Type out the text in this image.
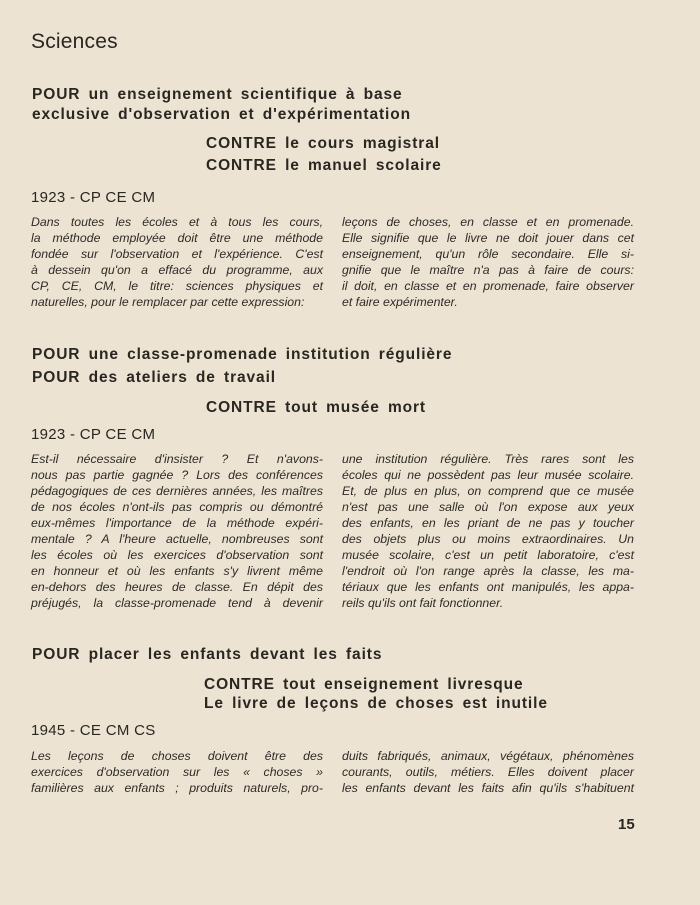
Sciences
POUR un enseignement scientifique à base
exclusive d'observation et d'expérimentation
CONTRE le cours magistral
CONTRE le manuel scolaire
1923 - CP CE CM
Dans toutes les écoles et à tous les cours,
la méthode employée doit être une méthode
fondée sur l'observation et l'expérience. C'est
à dessein qu'on a effacé du programme, aux
CP, CE, CM, le titre: sciences physiques et
naturelles, pour le remplacer par cette expression:
leçons de choses, en classe et en promenade.
Elle signifie que le livre ne doit jouer dans cet
enseignement, qu'un rôle secondaire. Elle si-
gnifie que le maître n'a pas à faire de cours:
il doit, en classe et en promenade, faire observer
et faire expérimenter.
POUR une classe-promenade institution régulière
POUR des ateliers de travail
CONTRE tout musée mort
1923 - CP CE CM
Est-il nécessaire d'insister ? Et n'avons-
nous pas partie gagnée ? Lors des conférences
pédagogiques de ces dernières années, les maîtres
de nos écoles n'ont-ils pas compris ou démontré
eux-mêmes l'importance de la méthode expéri-
mentale ? A l'heure actuelle, nombreuses sont
les écoles où les exercices d'observation sont
en honneur et où les enfants s'y livrent même
en-dehors des heures de classe. En dépit des
préjugés, la classe-promenade tend à devenir
une institution régulière. Très rares sont les
écoles qui ne possèdent pas leur musée scolaire.
Et, de plus en plus, on comprend que ce musée
n'est pas une salle où l'on expose aux yeux
des enfants, en les priant de ne pas y toucher
des objets plus ou moins extraordinaires. Un
musée scolaire, c'est un petit laboratoire, c'est
l'endroit où l'on range après la classe, les ma-
tériaux que les enfants ont manipulés, les appa-
reils qu'ils ont fait fonctionner.
POUR placer les enfants devant les faits
CONTRE tout enseignement livresque
Le livre de leçons de choses est inutile
1945 - CE CM CS
Les leçons de choses doivent être des
exercices d'observation sur les « choses »
familières aux enfants ; produits naturels, pro-
duits fabriqués, animaux, végétaux, phénomènes
courants, outils, métiers. Elles doivent placer
les enfants devant les faits afin qu'ils s'habituent
15
